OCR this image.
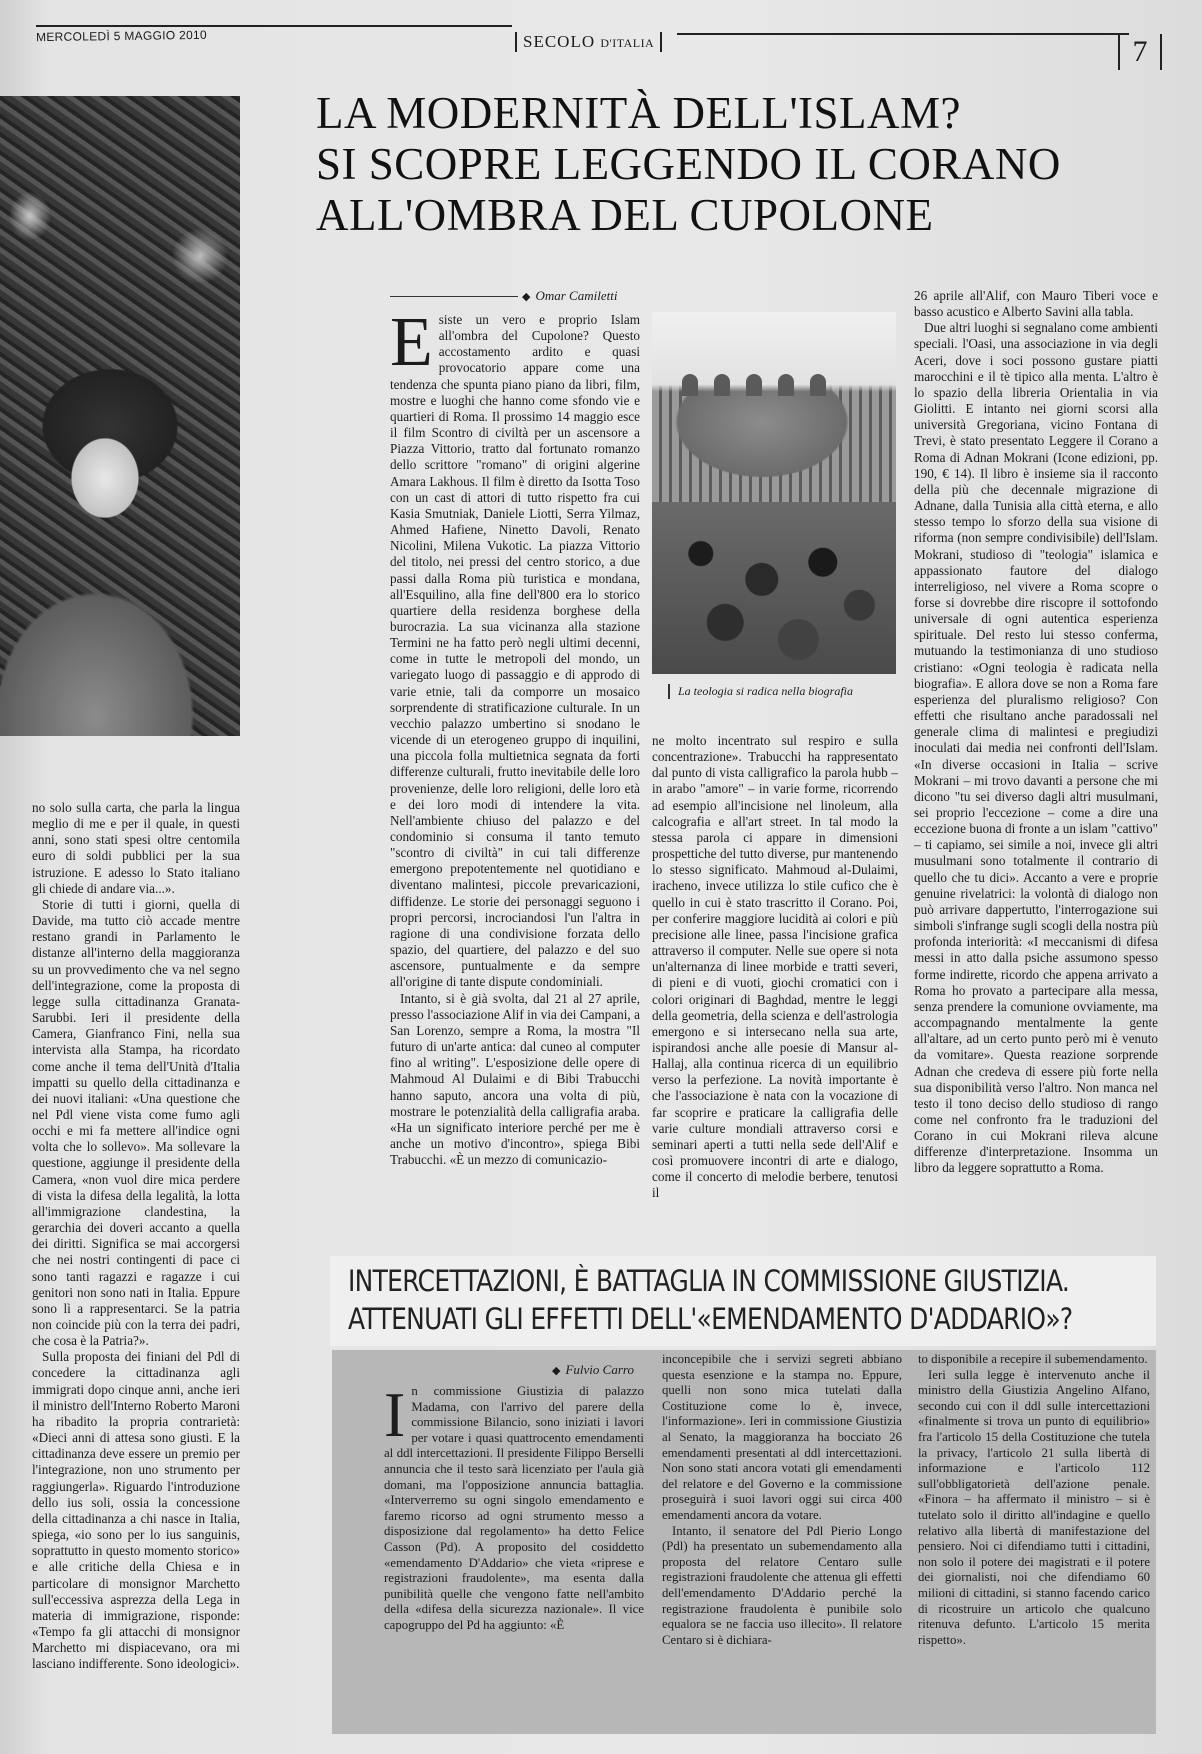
MERCOLEDÌ 5 MAGGIO 2010	SECOLO D'ITALIA	7
LA MODERNITÀ DELL'ISLAM?
SI SCOPRE LEGGENDO IL CORANO
ALL'OMBRA DEL CUPOLONE
◆ Omar Camiletti

no solo sulla carta, che parla la lingua meglio di me e per il quale, in questi anni, sono stati spesi oltre centomila euro di soldi pubblici per la sua istruzione. E adesso lo Stato italiano gli chiede di andare via...».

Storie di tutti i giorni, quella di Davide, ma tutto ciò accade mentre restano grandi in Parlamento le distanze all'interno della maggioranza su un provvedimento che va nel segno dell'integrazione, come la proposta di legge sulla cittadinanza Granata-Sarubbi. Ieri il presidente della Camera, Gianfranco Fini, nella sua intervista alla Stampa, ha ricordato come anche il tema dell'Unità d'Italia impatti su quello della cittadinanza e dei nuovi italiani: «Una questione che nel Pdl viene vista come fumo agli occhi e mi fa mettere all'indice ogni volta che lo sollevo». Ma sollevare la questione, aggiunge il presidente della Camera, «non vuol dire mica perdere di vista la difesa della legalità, la lotta all'immigrazione clandestina, la gerarchia dei doveri accanto a quella dei diritti. Significa se mai accorgersi che nei nostri contingenti di pace ci sono tanti ragazzi e ragazze i cui genitori non sono nati in Italia. Eppure sono lì a rappresentarci. Se la patria non coincide più con la terra dei padri, che cosa è la Patria?».

Sulla proposta dei finiani del Pdl di concedere la cittadinanza agli immigrati dopo cinque anni, anche ieri il ministro dell'Interno Roberto Maroni ha ribadito la propria contrarietà: «Dieci anni di attesa sono giusti. E la cittadinanza deve essere un premio per l'integrazione, non uno strumento per raggiungerla». Riguardo l'introduzione dello ius soli, ossia la concessione della cittadinanza a chi nasce in Italia, spiega, «io sono per lo ius sanguinis, soprattutto in questo momento storico» e alle critiche della Chiesa e in particolare di monsignor Marchetto sull'eccessiva asprezza della Lega in materia di immigrazione, risponde: «Tempo fa gli attacchi di monsignor Marchetto mi dispiacevano, ora mi lasciano indifferente. Sono ideologici».

E siste un vero e proprio Islam all'ombra del Cupolone? Questo accostamento ardito e quasi provocatorio appare come una tendenza che spunta piano piano da libri, film, mostre e luoghi che hanno come sfondo vie e quartieri di Roma. Il prossimo 14 maggio esce il film Scontro di civiltà per un ascensore a Piazza Vittorio, tratto dal fortunato romanzo dello scrittore "romano" di origini algerine Amara Lakhous. Il film è diretto da Isotta Toso con un cast di attori di tutto rispetto fra cui Kasia Smutniak, Daniele Liotti, Serra Yilmaz, Ahmed Hafiene, Ninetto Davoli, Renato Nicolini, Milena Vukotic. La piazza Vittorio del titolo, nei pressi del centro storico, a due passi dalla Roma più turistica e mondana, all'Esquilino, alla fine dell'800 era lo storico quartiere della residenza borghese della burocrazia. La sua vicinanza alla stazione Termini ne ha fatto però negli ultimi decenni, come in tutte le metropoli del mondo, un variegato luogo di passaggio e di approdo di varie etnie, tali da comporre un mosaico sorprendente di stratificazione culturale. In un vecchio palazzo umbertino si snodano le vicende di un eterogeneo gruppo di inquilini, una piccola folla multietnica segnata da forti differenze culturali, frutto inevitabile delle loro provenienze, delle loro religioni, delle loro età e dei loro modi di intendere la vita. Nell'ambiente chiuso del palazzo e del condominio si consuma il tanto temuto "scontro di civiltà" in cui tali differenze emergono prepotentemente nel quotidiano e diventano malintesi, piccole prevaricazioni, diffidenze. Le storie dei personaggi seguono i propri percorsi, incrociandosi l'un l'altra in ragione di una condivisione forzata dello spazio, del quartiere, del palazzo e del suo ascensore, puntualmente e da sempre all'origine di tante dispute condominiali.

Intanto, si è già svolta, dal 21 al 27 aprile, presso l'associazione Alif in via dei Campani, a San Lorenzo, sempre a Roma, la mostra "Il futuro di un'arte antica: dal cuneo al computer fino al writing". L'esposizione delle opere di Mahmoud Al Dulaimi e di Bibi Trabucchi hanno saputo, ancora una volta di più, mostrare le potenzialità della calligrafia araba. «Ha un significato interiore perché per me è anche un motivo d'incontro», spiega Bibi Trabucchi. «È un mezzo di comunicazio-

La teologia si radica nella biografia

ne molto incentrato sul respiro e sulla concentrazione». Trabucchi ha rappresentato dal punto di vista calligrafico la parola hubb – in arabo "amore" – in varie forme, ricorrendo ad esempio all'incisione nel linoleum, alla calcografia e all'art street. In tal modo la stessa parola ci appare in dimensioni prospettiche del tutto diverse, pur mantenendo lo stesso significato. Mahmoud al-Dulaimi, iracheno, invece utilizza lo stile cufico che è quello in cui è stato trascritto il Corano. Poi, per conferire maggiore lucidità ai colori e più precisione alle linee, passa l'incisione grafica attraverso il computer. Nelle sue opere si nota un'alternanza di linee morbide e tratti severi, di pieni e di vuoti, giochi cromatici con i colori originari di Baghdad, mentre le leggi della geometria, della scienza e dell'astrologia emergono e si intersecano nella sua arte, ispirandosi anche alle poesie di Mansur al-Hallaj, alla continua ricerca di un equilibrio verso la perfezione. La novità importante è che l'associazione è nata con la vocazione di far scoprire e praticare la calligrafia delle varie culture mondiali attraverso corsi e seminari aperti a tutti nella sede dell'Alif e così promuovere incontri di arte e dialogo, come il concerto di melodie berbere, tenutosi il

26 aprile all'Alif, con Mauro Tiberi voce e basso acustico e Alberto Savini alla tabla.

Due altri luoghi si segnalano come ambienti speciali. l'Oasi, una associazione in via degli Aceri, dove i soci possono gustare piatti marocchini e il tè tipico alla menta. L'altro è lo spazio della libreria Orientalia in via Giolitti. E intanto nei giorni scorsi alla università Gregoriana, vicino Fontana di Trevi, è stato presentato Leggere il Corano a Roma di Adnan Mokrani (Icone edizioni, pp. 190, € 14). Il libro è insieme sia il racconto della più che decennale migrazione di Adnane, dalla Tunisia alla città eterna, e allo stesso tempo lo sforzo della sua visione di riforma (non sempre condivisibile) dell'Islam. Mokrani, studioso di "teologia" islamica e appassionato fautore del dialogo interreligioso, nel vivere a Roma scopre o forse si dovrebbe dire riscopre il sottofondo universale di ogni autentica esperienza spirituale. Del resto lui stesso conferma, mutuando la testimonianza di uno studioso cristiano: «Ogni teologia è radicata nella biografia». E allora dove se non a Roma fare esperienza del pluralismo religioso? Con effetti che risultano anche paradossali nel generale clima di malintesi e pregiudizi inoculati dai media nei confronti dell'Islam. «In diverse occasioni in Italia – scrive Mokrani – mi trovo davanti a persone che mi dicono "tu sei diverso dagli altri musulmani, sei proprio l'eccezione – come a dire una eccezione buona di fronte a un islam "cattivo" – ti capiamo, sei simile a noi, invece gli altri musulmani sono totalmente il contrario di quello che tu dici». Accanto a vere e proprie genuine rivelatrici: la volontà di dialogo non può arrivare dappertutto, l'interrogazione sui simboli s'infrange sugli scogli della nostra più profonda interiorità: «I meccanismi di difesa messi in atto dalla psiche assumono spesso forme indirette, ricordo che appena arrivato a Roma ho provato a partecipare alla messa, senza prendere la comunione ovviamente, ma accompagnando mentalmente la gente all'altare, ad un certo punto però mi è venuto da vomitare». Questa reazione sorprende Adnan che credeva di essere più forte nella sua disponibilità verso l'altro. Non manca nel testo il tono deciso dello studioso di rango come nel confronto fra le traduzioni del Corano in cui Mokrani rileva alcune differenze d'interpretazione. Insomma un libro da leggere soprattutto a Roma.

INTERCETTAZIONI, È BATTAGLIA IN COMMISSIONE GIUSTIZIA.
ATTENUATI GLI EFFETTI DELL'«EMENDAMENTO D'ADDARIO»?
◆ Fulvio Carro
I n commissione Giustizia di palazzo Madama, con l'arrivo del parere della commissione Bilancio, sono iniziati i lavori per votare i quasi quattrocento emendamenti al ddl intercettazioni. Il presidente Filippo Berselli annuncia che il testo sarà licenziato per l'aula già domani, ma l'opposizione annuncia battaglia. «Interverremo su ogni singolo emendamento e faremo ricorso ad ogni strumento messo a disposizione dal regolamento» ha detto Felice Casson (Pd). A proposito del cosiddetto «emendamento D'Addario» che vieta «riprese e registrazioni fraudolente», ma esenta dalla punibilità quelle che vengono fatte nell'ambito della «difesa della sicurezza nazionale». Il vice capogruppo del Pd ha aggiunto: «È

inconcepibile che i servizi segreti abbiano questa esenzione e la stampa no. Eppure, quelli non sono mica tutelati dalla Costituzione come lo è, invece, l'informazione». Ieri in commissione Giustizia al Senato, la maggioranza ha bocciato 26 emendamenti presentati al ddl intercettazioni. Non sono stati ancora votati gli emendamenti del relatore e del Governo e la commissione proseguirà i suoi lavori oggi sui circa 400 emendamenti ancora da votare.

Intanto, il senatore del Pdl Pierio Longo (Pdl) ha presentato un subemendamento alla proposta del relatore Centaro sulle registrazioni fraudolente che attenua gli effetti dell'emendamento D'Addario perché la registrazione fraudolenta è punibile solo equalora se ne faccia uso illecito». Il relatore Centaro si è dichiara-

to disponibile a recepire il subemendamento.

Ieri sulla legge è intervenuto anche il ministro della Giustizia Angelino Alfano, secondo cui con il ddl sulle intercettazioni «finalmente si trova un punto di equilibrio» fra l'articolo 15 della Costituzione che tutela la privacy, l'articolo 21 sulla libertà di informazione e l'articolo 112 sull'obbligatorietà dell'azione penale. «Finora – ha affermato il ministro – si è tutelato solo il diritto all'indagine e quello relativo alla libertà di manifestazione del pensiero. Noi ci difendiamo tutti i cittadini, non solo il potere dei magistrati e il potere dei giornalisti, noi che difendiamo 60 milioni di cittadini, si stanno facendo carico di ricostruire un articolo che qualcuno ritenuva defunto. L'articolo 15 merita rispetto».
